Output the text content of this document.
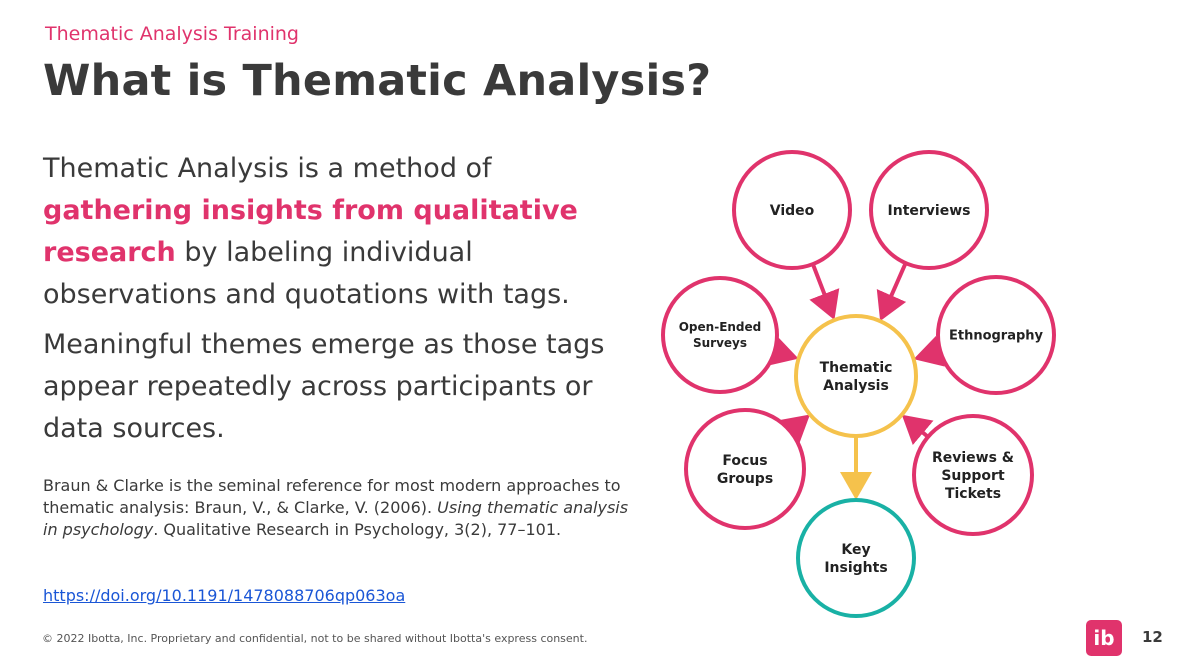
Thematic Analysis Training
What is Thematic Analysis?

Thematic Analysis is a method of gathering insights from qualitative research by labeling individual observations and quotations with tags.

Meaningful themes emerge as those tags appear repeatedly across participants or data sources.

Braun & Clarke is the seminal reference for most modern approaches to thematic analysis: Braun, V., & Clarke, V. (2006). Using thematic analysis in psychology. Qualitative Research in Psychology, 3(2), 77–101.
https://doi.org/10.1191/1478088706qp063oa
© 2022 Ibotta, Inc. Proprietary and confidential, not to be shared without Ibotta's express consent.	ib	12
Video	Interviews
Open-Ended
Surveys	Ethnography
Focus
Groups
Reviews &
Support
Tickets
Thematic
Analysis
Key
Insights
